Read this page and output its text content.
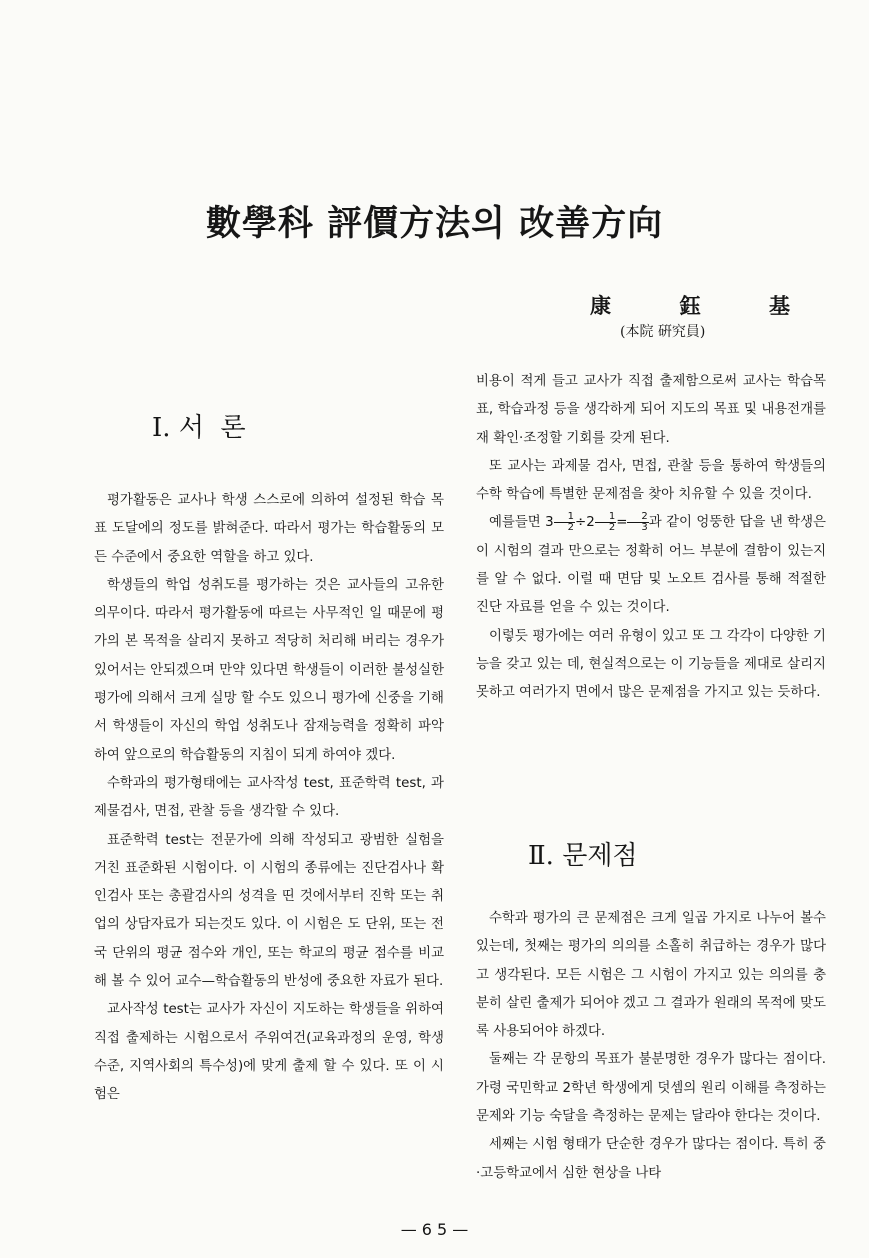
數學科 評價方法의 改善方向
康	鈺	基
(本院 硏究員)
Ⅰ. 서  론

평가활동은 교사나 학생 스스로에 의하여 설정된 학습 목표 도달에의 정도를 밝혀준다. 따라서 평가는 학습활동의 모든 수준에서 중요한 역할을 하고 있다.

학생들의 학업 성취도를 평가하는 것은 교사들의 고유한 의무이다. 따라서 평가활동에 따르는 사무적인 일 때문에 평가의 본 목적을 살리지 못하고 적당히 처리해 버리는 경우가 있어서는 안되겠으며 만약 있다면 학생들이 이러한 불성실한 평가에 의해서 크게 실망 할 수도 있으니 평가에 신중을 기해서 학생들이 자신의 학업 성취도나 잠재능력을 정확히 파악하여 앞으로의 학습활동의 지침이 되게 하여야 겠다.

수학과의 평가형태에는 교사작성 test, 표준학력 test, 과제물검사, 면접, 관찰 등을 생각할 수 있다.

표준학력 test는 전문가에 의해 작성되고 광범한 실험을 거친 표준화된 시험이다. 이 시험의 종류에는 진단검사나 확인검사 또는 총괄검사의 성격을 띤 것에서부터 진학 또는 취업의 상담자료가 되는것도 있다. 이 시험은 도 단위, 또는 전국 단위의 평균 점수와 개인, 또는 학교의 평균 점수를 비교해 볼 수 있어 교수—학습활동의 반성에 중요한 자료가 된다.

교사작성 test는 교사가 자신이 지도하는 학생들을 위하여 직접 출제하는 시험으로서 주위여건(교육과정의 운영, 학생수준, 지역사회의 특수성)에 맞게 출제 할 수 있다. 또 이 시험은

비용이 적게 들고 교사가 직접 출제함으로써 교사는 학습목표, 학습과정 등을 생각하게 되어 지도의 목표 및 내용전개를 재 확인·조정할 기회를 갖게 된다.

또 교사는 과제물 검사, 면접, 관찰 등을 통하여 학생들의 수학 학습에 특별한 문제점을 찾아 치유할 수 있을 것이다.

예를들면 $3 \frac{1}{2} \div 2 \frac{1}{2} = \frac{2}{3}$ 과 같이 엉뚱한 답을 낸 학생은 이 시험의 결과 만으로는 정확히 어느 부분에 결함이 있는지를 알 수 없다. 이럴 때 면담 및 노오트 검사를 통해 적절한 진단 자료를 얻을 수 있는 것이다.

이렇듯 평가에는 여러 유형이 있고 또 그 각각이 다양한 기능을 갖고 있는 데, 현실적으로는 이 기능들을 제대로 살리지 못하고 여러가지 면에서 많은 문제점을 가지고 있는 듯하다.

Ⅱ. 문제점

수학과 평가의 큰 문제점은 크게 일곱 가지로 나누어 볼수 있는데, 첫째는 평가의 의의를 소홀히 취급하는 경우가 많다고 생각된다. 모든 시험은 그 시험이 가지고 있는 의의를 충분히 살린 출제가 되어야 겠고 그 결과가 원래의 목적에 맞도록 사용되어야 하겠다.

둘째는 각 문항의 목표가 불분명한 경우가 많다는 점이다. 가령 국민학교 2학년 학생에게 덧셈의 원리 이해를 측정하는 문제와 기능 숙달을 측정하는 문제는 달라야 한다는 것이다.

세째는 시험 형태가 단순한 경우가 많다는 점이다. 특히 중·고등학교에서 심한 현상을 나타

— 6 5 —
